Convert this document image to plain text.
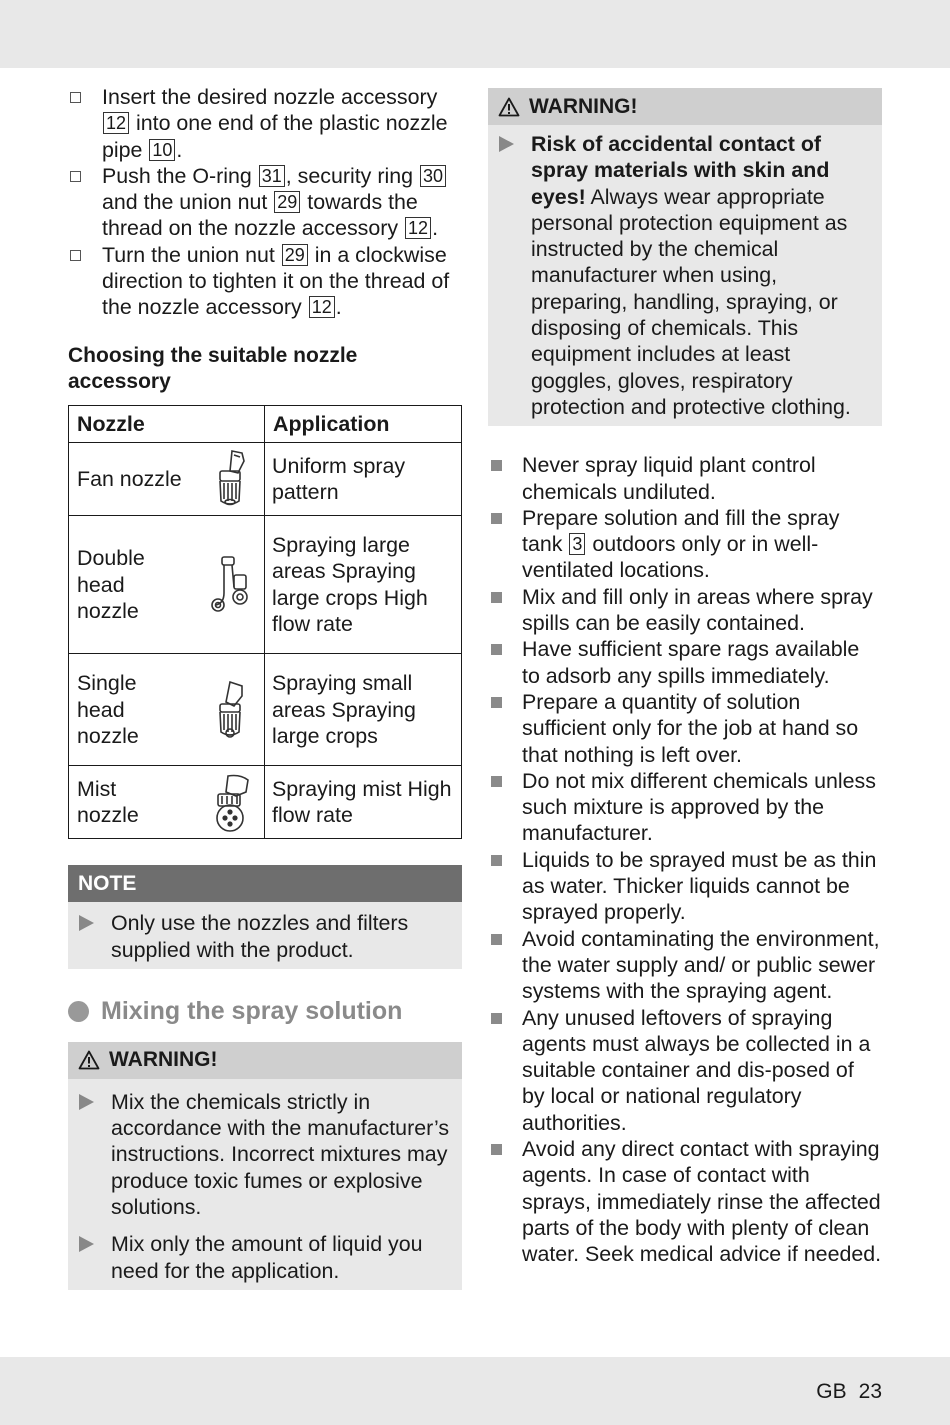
Insert the desired nozzle accessory 12 into one end of the plastic nozzle pipe 10 .
Push the O-ring 31 , security ring 30 and the union nut 29 towards the thread on the nozzle accessory 12 .
Turn the union nut 29 in a clockwise direction to tighten it on the thread of the nozzle accessory 12 .
Choosing the suitable nozzle accessory
Nozzle	Application

Fan nozzle	Uniform spray pattern

Double head nozzle	Spraying large areas Spraying large crops High flow rate

Single head nozzle	Spraying small areas Spraying large crops

Mist nozzle	Spraying mist High flow rate
NOTE
Only use the nozzles and filters supplied with the product.
Mixing the spray solution
WARNING!
Mix the chemicals strictly in accordance with the manufacturer’s instructions. Incorrect mixtures may produce toxic fumes or explosive solutions.
Mix only the amount of liquid you need for the application.
WARNING!
Risk of accidental contact of spray materials with skin and eyes! Always wear appropriate personal protection equipment as instructed by the chemical manufacturer when using, preparing, handling, spraying, or disposing of chemicals. This equipment includes at least goggles, gloves, respiratory protection and protective clothing.
Never spray liquid plant control chemicals undiluted.
Prepare solution and fill the spray tank 3 outdoors only or in well-ventilated locations.
Mix and fill only in areas where spray spills can be easily contained.
Have sufficient spare rags available to adsorb any spills immediately.
Prepare a quantity of solution sufficient only for the job at hand so that nothing is left over.
Do not mix different chemicals unless such mixture is approved by the manufacturer.
Liquids to be sprayed must be as thin as water. Thicker liquids cannot be sprayed properly.
Avoid contaminating the environment, the water supply and/ or public sewer systems with the spraying agent.
Any unused leftovers of spraying agents must always be collected in a suitable container and dis-posed of by local or national regulatory authorities.
Avoid any direct contact with spraying agents. In case of contact with sprays, immediately rinse the affected parts of the body with plenty of clean water. Seek medical advice if needed.
GB 23
